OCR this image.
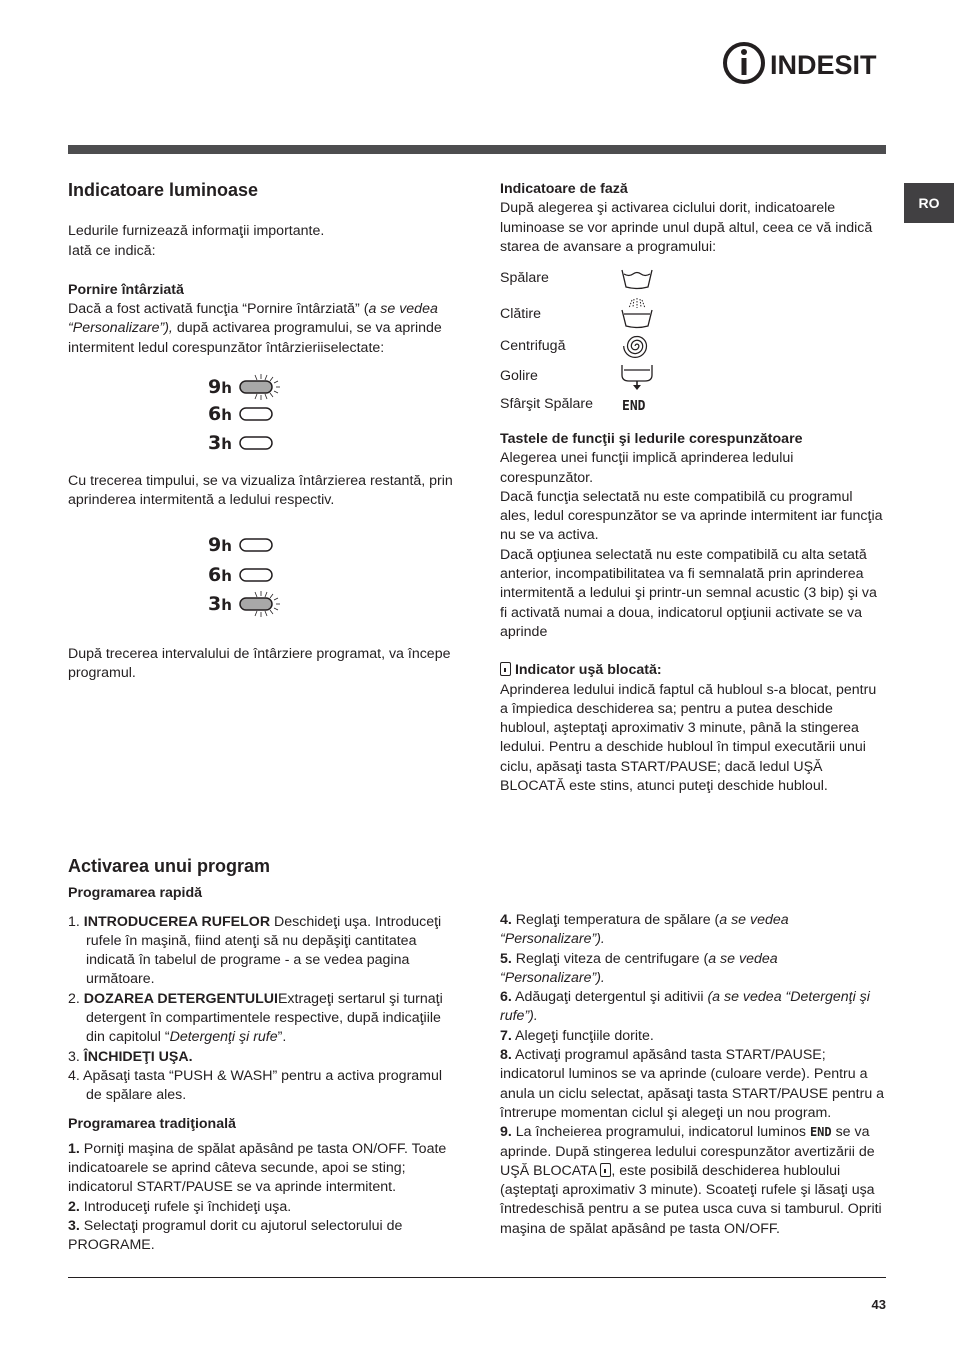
INDESIT
RO
Indicatoare luminoase

Ledurile furnizează informaţii importante.

Iată ce indică:

Pornire întârziată

Dacă a fost activată funcţia “Pornire întârziată” (a se vedea “Personalizare”), după activarea programului, se va aprinde intermitent ledul corespunzător întârzieriiselectate:

9h
6h
3h

Cu trecerea timpului, se va vizualiza întârzierea restantă, prin aprinderea intermitentă a ledului respectiv.

9h
6h
3h

După trecerea intervalului de întârziere programat, va începe programul.

Indicatoare de fază

După alegerea şi activarea ciclului dorit, indicatoarele luminoase se vor aprinde unul după altul, ceea ce vă indică starea de avansare a programului:

Spălare
Clătire
Centrifugă
Golire
Sfârşit Spălare END

Tastele de funcţii şi ledurile corespunzătoare

Alegerea unei funcţii implică aprinderea ledului corespunzător.
Dacă funcţia selectată nu este compatibilă cu programul ales, ledul corespunzător se va aprinde intermitent iar funcţia nu se va activa.
Dacă opţiunea selectată nu este compatibilă cu alta setată anterior, incompatibilitatea va fi semnalată prin aprinderea intermitentă a ledului şi printr-un semnal acustic (3 bip) şi va fi activată numai a doua, indicatorul opţiunii activate se va aprinde

Indicator uşă blocată:

Aprinderea ledului indică faptul că hubloul s-a blocat, pentru a împiedica deschiderea sa; pentru a putea deschide hubloul, aşteptaţi aproximativ 3 minute, până la stingerea ledului. Pentru a deschide hubloul în timpul executării unui ciclu, apăsaţi tasta START/PAUSE; dacă ledul UŞĂ BLOCATĂ este stins, atunci puteţi deschide hubloul.

Activarea unui program

Programarea rapidă

1. INTRODUCEREA RUFELOR Deschideţi uşa. Introduceţi rufele în maşină, fiind atenţi să nu depăşiţi cantitatea indicată în tabelul de programe - a se vedea pagina următoare.
2. DOZAREA DETERGENTULUIExtrageţi sertarul şi turnaţi detergent în compartimentele respective, după indicaţiile din capitolul “Detergenţi şi rufe”.
3. ÎNCHIDEŢI UŞA.
4. Apăsaţi tasta “PUSH & WASH” pentru a activa programul de spălare ales.

Programarea tradiţională

1. Porniţi maşina de spălat apăsând pe tasta ON/OFF. Toate indicatoarele se aprind câteva secunde, apoi se sting; indicatorul START/PAUSE se va aprinde intermitent.

2. Introduceţi rufele şi închideţi uşa.

3. Selectaţi programul dorit cu ajutorul selectorului de PROGRAME.

4. Reglaţi temperatura de spălare (a se vedea “Personalizare”).

5. Reglaţi viteza de centrifugare (a se vedea “Personalizare”).

6. Adăugaţi detergentul şi aditivii (a se vedea “Detergenţi şi rufe”).

7. Alegeţi funcţiile dorite.

8. Activaţi programul apăsând tasta START/PAUSE; indicatorul luminos se va aprinde (culoare verde). Pentru a anula un ciclu selectat, apăsaţi tasta START/PAUSE pentru a întrerupe momentan ciclul şi alegeţi un nou program.

9. La încheierea programului, indicatorul luminos END se va aprinde. După stingerea ledului corespunzător avertizării de UŞĂ BLOCATA , este posibilă deschiderea hubloului (aşteptaţi aproximativ 3 minute). Scoateţi rufele şi lăsaţi uşa întredeschisă pentru a se putea usca cuva si tamburul. Opriti maşina de spălat apăsând pe tasta ON/OFF.

43
